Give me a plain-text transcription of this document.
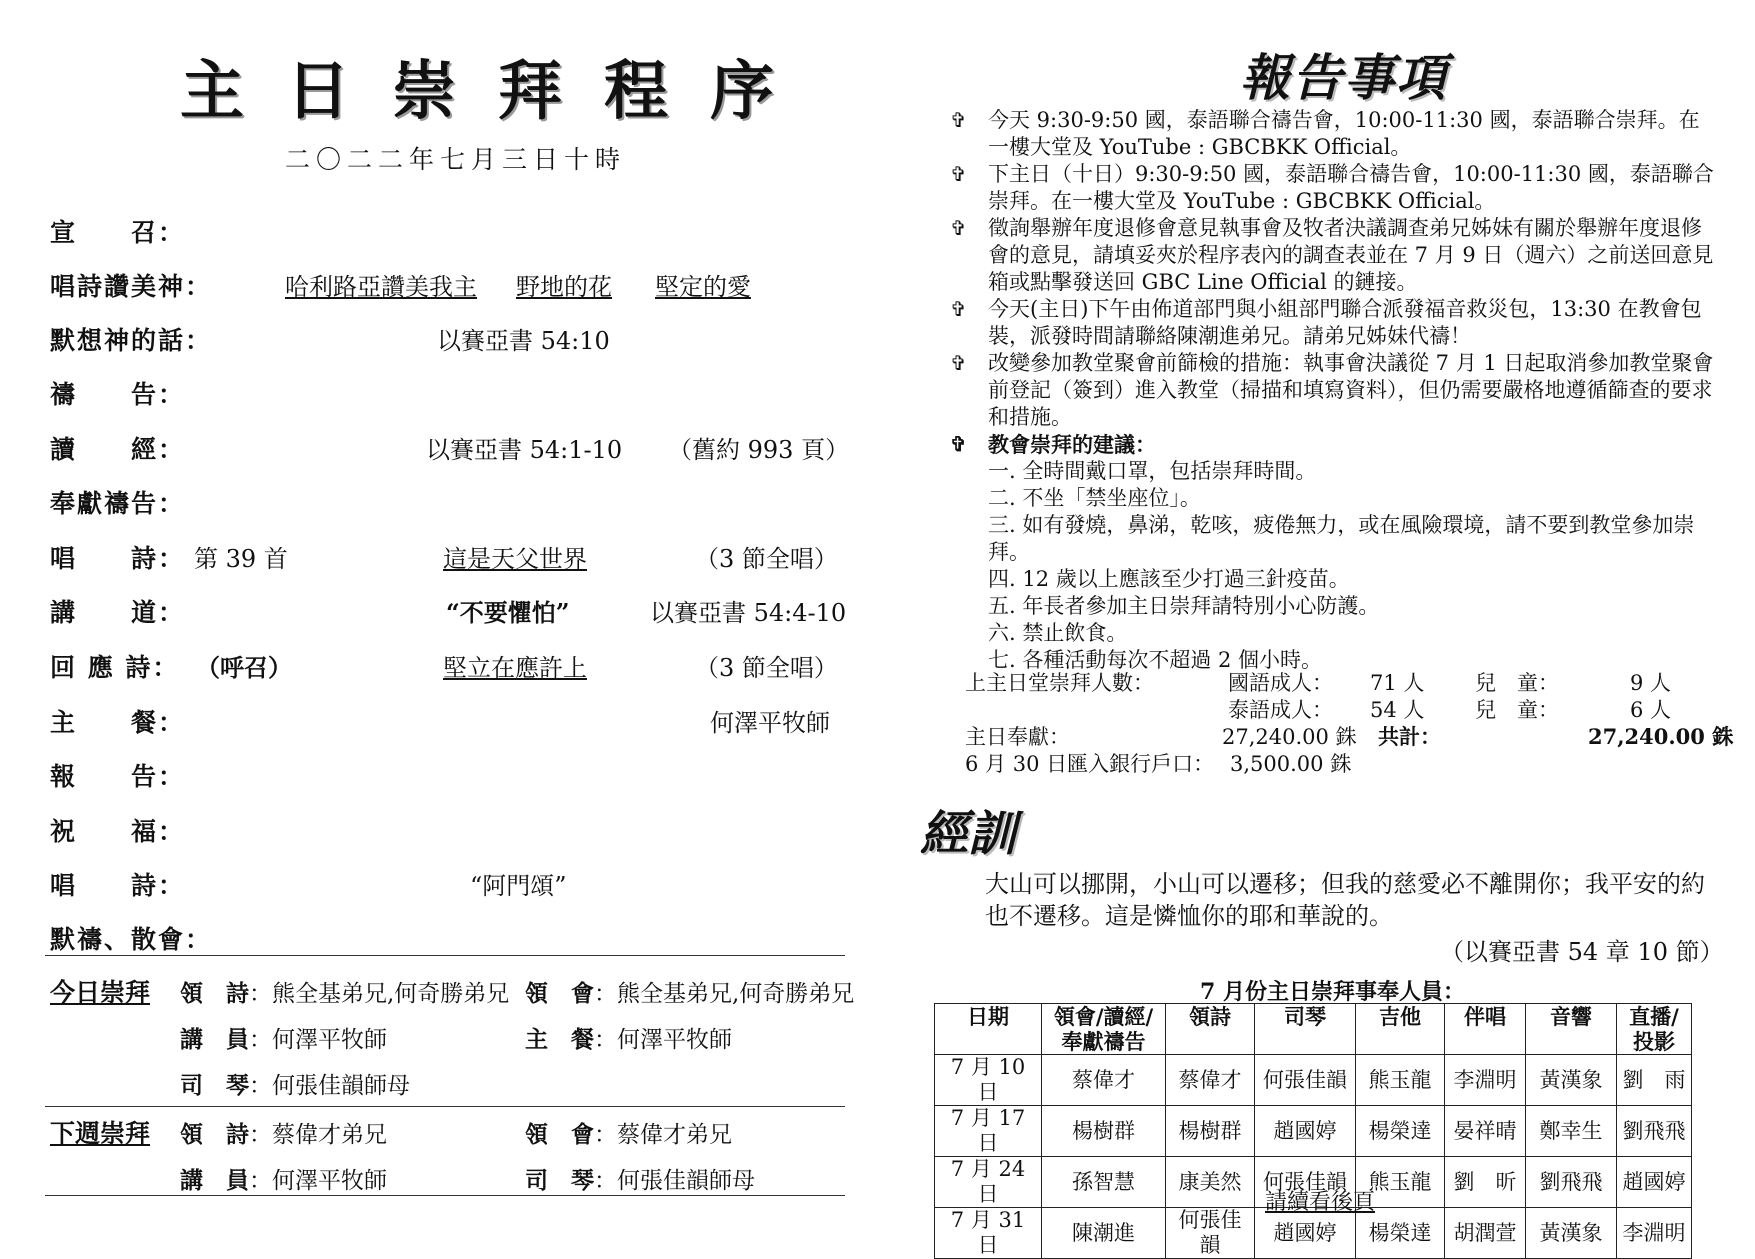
主日崇拜程序
二〇二二年七月三日十時
宣　　召：
唱詩讚美神：	哈利路亞讚美我主 野地的花 堅定的愛
默想神的話：	以賽亞書 54:10
禱　　告：
讀　　經：	以賽亞書 54:1-10 （舊約 993 頁）
奉獻禱告：
唱　　詩： 第 39 首	這是天父世界	（3 節全唱）
講　　道：	“不要懼怕”	以賽亞書 54:4-10
回 應 詩： （呼召）	堅立在應許上	（3 節全唱）
主　　餐：	何澤平牧師
報　　告：
祝　　福：
唱　　詩：	“阿門頌”
默禱、散會：
今日崇拜 領　詩：熊全基弟兄,何奇勝弟兄 領　會：熊全基弟兄,何奇勝弟兄
講　員：何澤平牧師	主　餐：何澤平牧師
司　琴：何張佳韻師母
下週崇拜 領　詩：蔡偉才弟兄	領　會：蔡偉才弟兄
講　員：何澤平牧師	司　琴：何張佳韻師母
報告事項
✞ 今天 9:30-9:50 國，泰語聯合禱告會，10:00-11:30 國，泰語聯合崇拜。在一樓大堂及 YouTube : GBCBKK Official。
✞ 下主日（十日）9:30-9:50 國，泰語聯合禱告會，10:00-11:30 國，泰語聯合崇拜。在一樓大堂及 YouTube : GBCBKK Official。
✞ 徵詢舉辦年度退修會意見執事會及牧者決議調查弟兄姊妹有關於舉辦年度退修會的意見，請填妥夾於程序表內的調查表並在 7 月 9 日（週六）之前送回意見箱或點擊發送回 GBC Line Official 的鏈接。
✞ 今天(主日)下午由佈道部門與小組部門聯合派發福音救災包，13:30 在教會包裝，派發時間請聯絡陳潮進弟兄。請弟兄姊妹代禱！
✞ 改變參加教堂聚會前篩檢的措施：執事會決議從 7 月 1 日起取消參加教堂聚會前登記（簽到）進入教堂（掃描和填寫資料），但仍需要嚴格地遵循篩查的要求和措施。
✞ 教會崇拜的建議：
一. 全時間戴口罩，包括崇拜時間。
二. 不坐「禁坐座位」。
三. 如有發燒，鼻涕，乾咳，疲倦無力，或在風險環境，請不要到教堂參加崇拜。
四. 12 歲以上應該至少打過三針疫苗。
五. 年長者參加主日崇拜請特別小心防護。
六. 禁止飲食。
七. 各種活動每次不超過 2 個小時。
上主日堂崇拜人數：	國語成人： 71 人 兒　童：	9 人
泰語成人： 54 人 兒　童：	6 人
主日奉獻：	27,240.00 銖 共計：	27,240.00 銖
6 月 30 日匯入銀行戶口： 3,500.00 銖
經訓
大山可以挪開，小山可以遷移；但我的慈愛必不離開你；我平安的約也不遷移。這是憐恤你的耶和華說的。
（以賽亞書 54 章 10 節）
7 月份主日崇拜事奉人員：
日期	領會/讀經/奉獻禱告	領詩	司琴	吉他	伴唱	音響	直播/投影
7 月 10 日	蔡偉才	蔡偉才	何張佳韻	熊玉龍	李淵明	黃漢象	劉　雨
7 月 17 日	楊樹群	楊樹群	趙國婷	楊榮達	晏祥晴	鄭幸生	劉飛飛
7 月 24 日	孫智慧	康美然	何張佳韻	熊玉龍	劉　昕	劉飛飛	趙國婷
7 月 31 日	陳潮進	何張佳韻	趙國婷	楊榮達	胡潤萱	黃漢象	李淵明
請續看後頁
